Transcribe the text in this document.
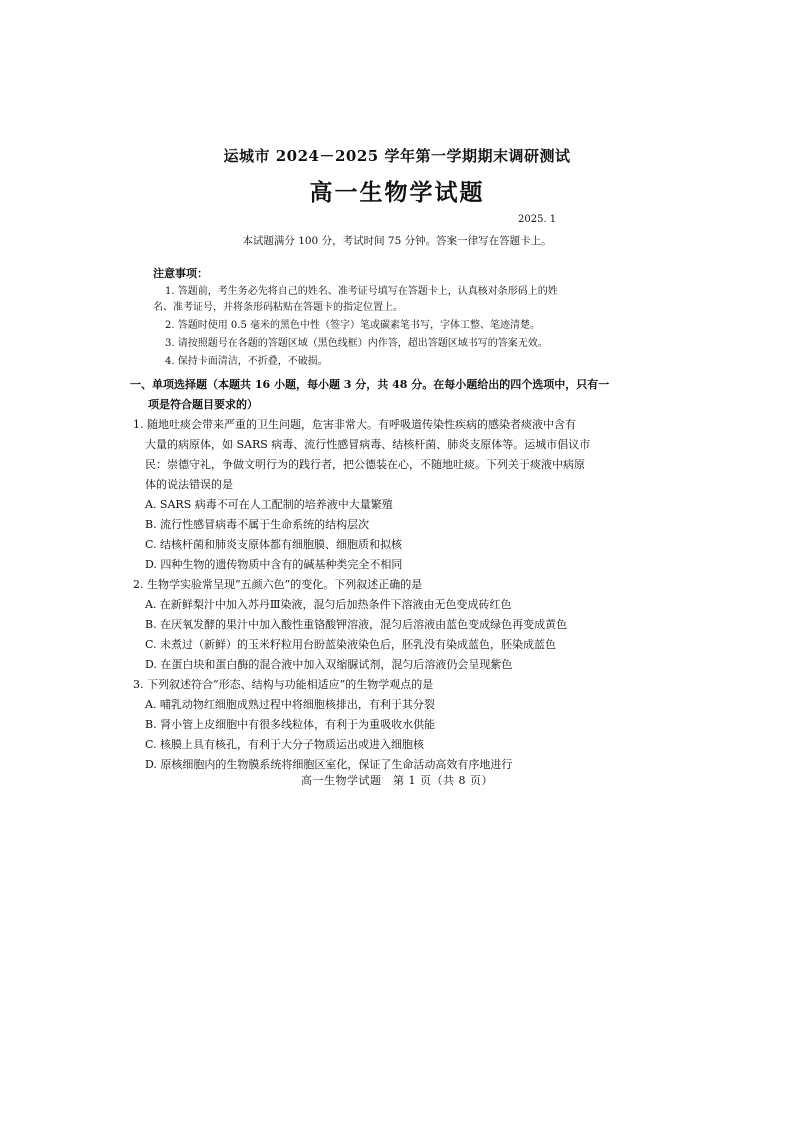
运城市 2024－2025 学年第一学期期末调研测试
高一生物学试题
2025. 1
本试题满分 100 分，考试时间 75 分钟。答案一律写在答题卡上。
注意事项：
1. 答题前，考生务必先将自己的姓名、准考证号填写在答题卡上，认真核对条形码上的姓
名、准考证号，并将条形码粘贴在答题卡的指定位置上。
2. 答题时使用 0.5 毫米的黑色中性（签字）笔或碳素笔书写，字体工整、笔迹清楚。
3. 请按照题号在各题的答题区域（黑色线框）内作答，超出答题区域书写的答案无效。
4. 保持卡面清洁，不折叠，不破损。
一、单项选择题（本题共 16 小题，每小题 3 分，共 48 分。在每小题给出的四个选项中，只有一
项是符合题目要求的）
1. 随地吐痰会带来严重的卫生问题，危害非常大。有呼吸道传染性疾病的感染者痰液中含有
大量的病原体，如 SARS 病毒、流行性感冒病毒、结核杆菌、肺炎支原体等。运城市倡议市
民：崇德守礼，争做文明行为的践行者，把公德装在心，不随地吐痰。下列关于痰液中病原
体的说法错误的是
A. SARS 病毒不可在人工配制的培养液中大量繁殖
B. 流行性感冒病毒不属于生命系统的结构层次
C. 结核杆菌和肺炎支原体都有细胞膜、细胞质和拟核
D. 四种生物的遗传物质中含有的碱基种类完全不相同
2. 生物学实验常呈现“五颜六色”的变化。下列叙述正确的是
A. 在新鲜梨汁中加入苏丹Ⅲ染液，混匀后加热条件下溶液由无色变成砖红色
B. 在厌氧发酵的果汁中加入酸性重铬酸钾溶液，混匀后溶液由蓝色变成绿色再变成黄色
C. 未煮过（新鲜）的玉米籽粒用台盼蓝染液染色后，胚乳没有染成蓝色，胚染成蓝色
D. 在蛋白块和蛋白酶的混合液中加入双缩脲试剂，混匀后溶液仍会呈现紫色
3. 下列叙述符合“形态、结构与功能相适应”的生物学观点的是
A. 哺乳动物红细胞成熟过程中将细胞核排出，有利于其分裂
B. 肾小管上皮细胞中有很多线粒体，有利于为重吸收水供能
C. 核膜上具有核孔，有利于大分子物质运出或进入细胞核
D. 原核细胞内的生物膜系统将细胞区室化，保证了生命活动高效有序地进行
高一生物学试题　第 1 页（共 8 页）
